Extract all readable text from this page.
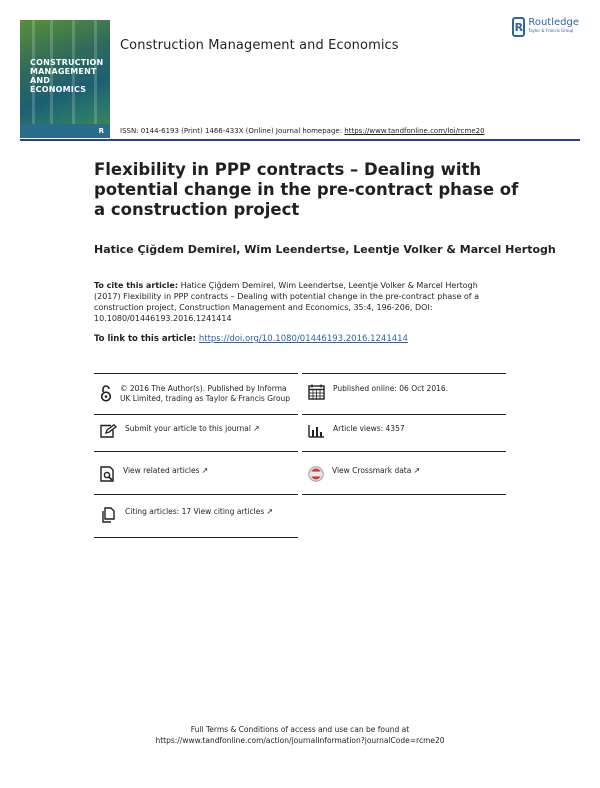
CONSTRUCTION MANAGEMENT AND ECONOMICS
R
Construction Management and Economics
R Routledge
Taylor & Francis Group
ISSN: 0144-6193 (Print) 1466-433X (Online) Journal homepage: https://www.tandfonline.com/loi/rcme20
Flexibility in PPP contracts – Dealing with potential change in the pre-contract phase of a construction project
Hatice Çiğdem Demirel, Wim Leendertse, Leentje Volker & Marcel Hertogh
To cite this article: Hatice Çiğdem Demirel, Wim Leendertse, Leentje Volker & Marcel Hertogh (2017) Flexibility in PPP contracts – Dealing with potential change in the pre-contract phase of a construction project, Construction Management and Economics, 35:4, 196-206, DOI: 10.1080/01446193.2016.1241414
To link to this article: https://doi.org/10.1080/01446193.2016.1241414
© 2016 The Author(s). Published by Informa UK Limited, trading as Taylor & Francis Group
Published online: 06 Oct 2016.
Submit your article to this journal ↗	Article views: 4357
View related articles ↗	View Crossmark data ↗
Citing articles: 17 View citing articles ↗
Full Terms & Conditions of access and use can be found at
https://www.tandfonline.com/action/journalInformation?journalCode=rcme20
